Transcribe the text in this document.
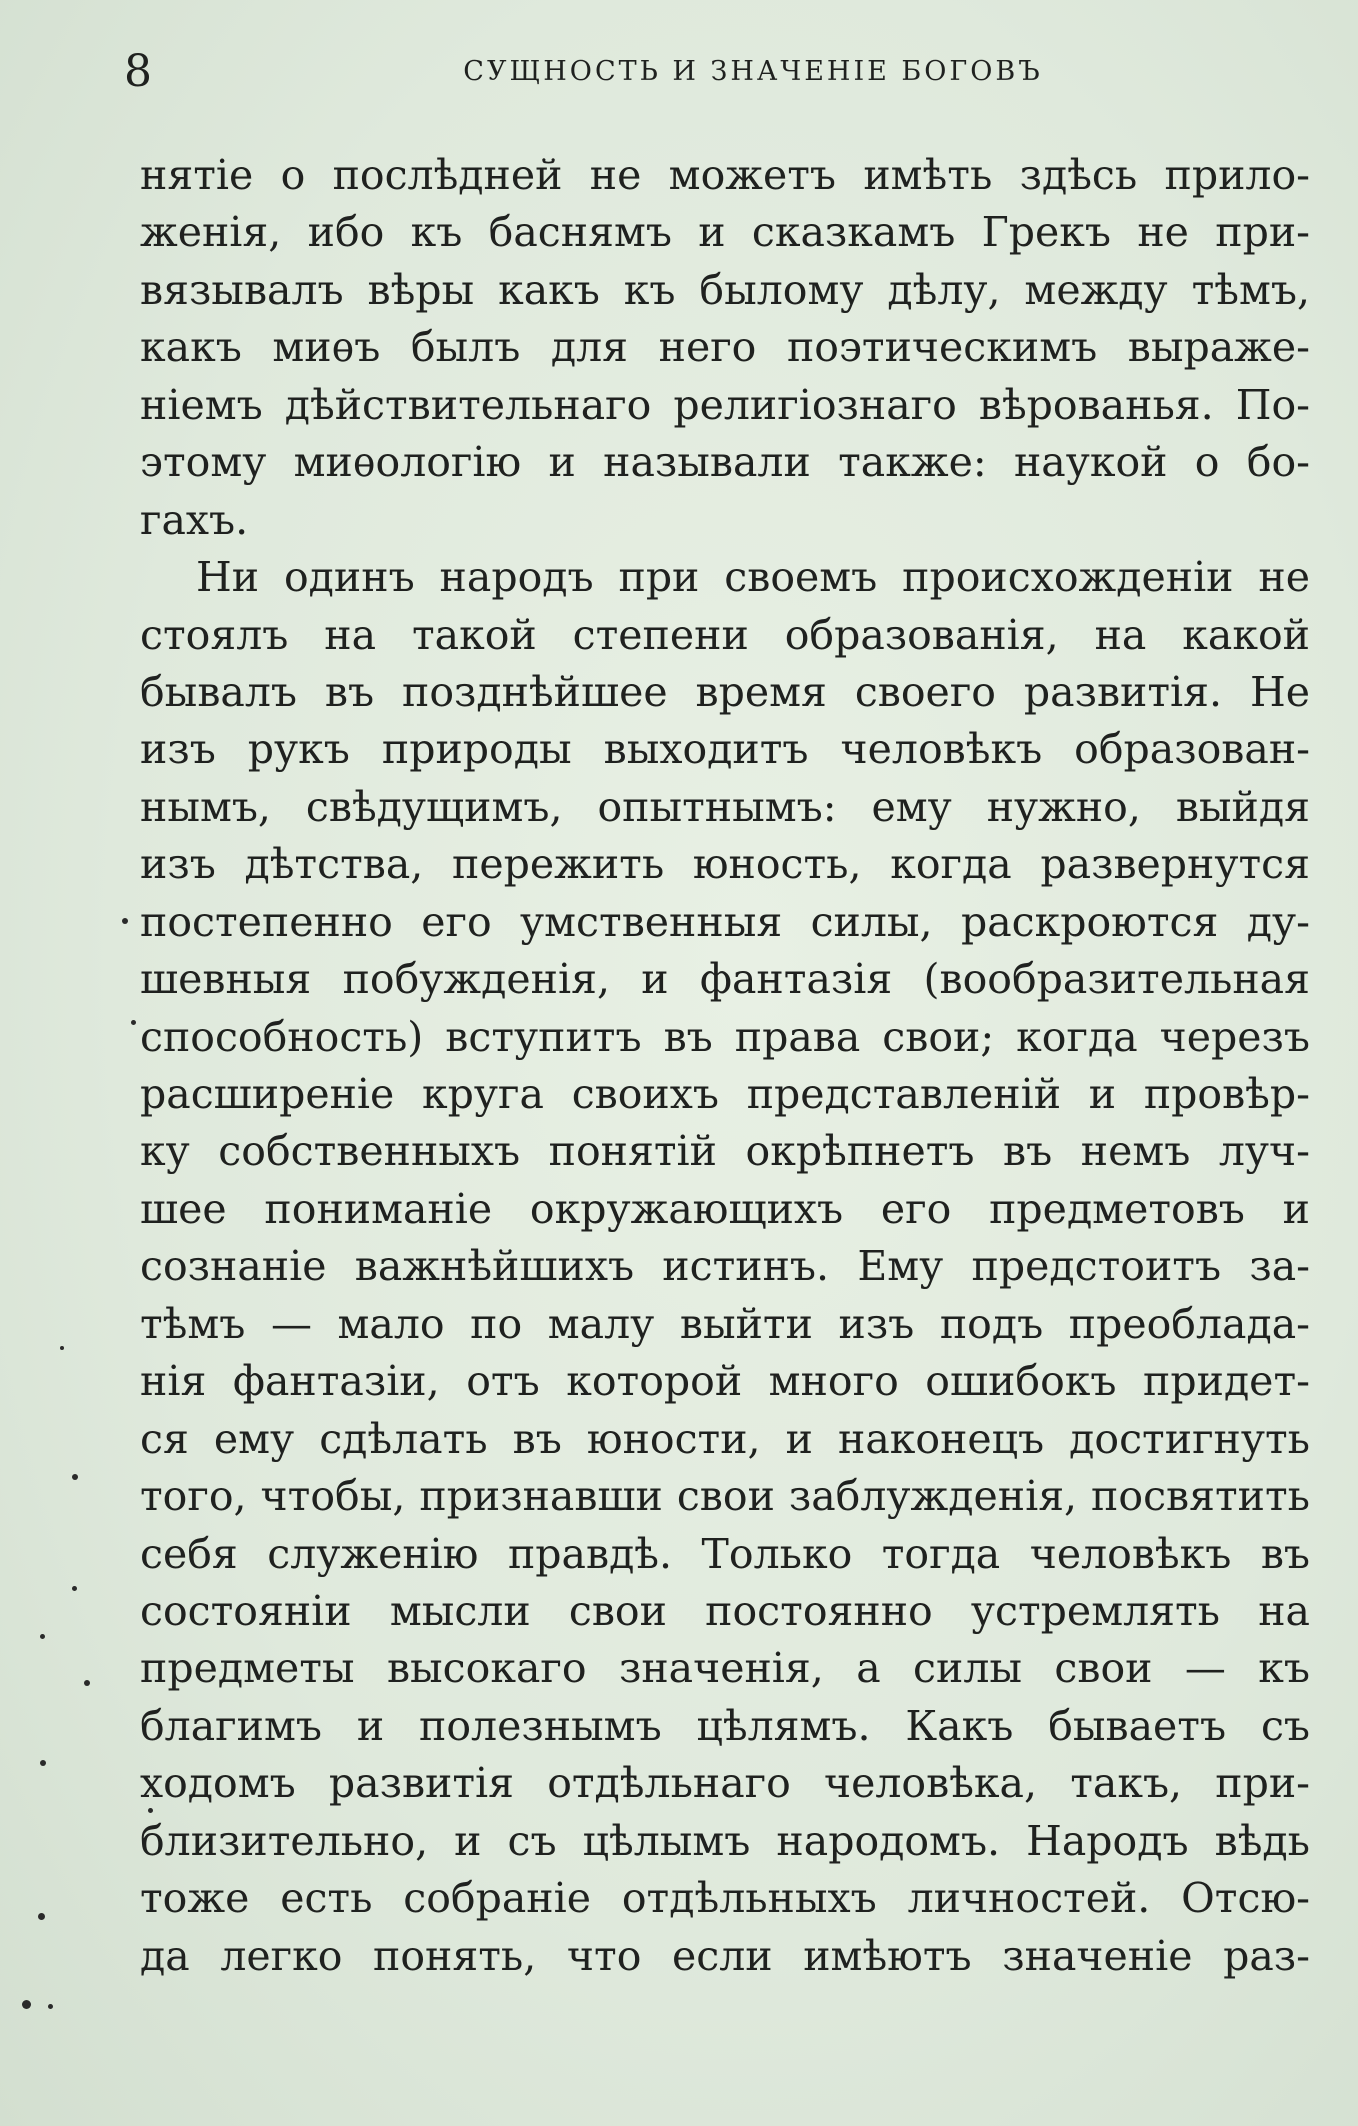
8	СУЩНОСТЬ И ЗНАЧЕНІЕ БОГОВЪ
нятіе о послѣдней не можетъ имѣть здѣсь прило-
женія, ибо къ баснямъ и сказкамъ Грекъ не при-
вязывалъ вѣры какъ къ былому дѣлу, между тѣмъ,
какъ миѳъ былъ для него поэтическимъ выраже-
ніемъ дѣйствительнаго религіознаго вѣрованья. По-
этому миѳологію и называли также: наукой о бо-
гахъ.
Ни одинъ народъ при своемъ происхожденіи не
стоялъ на такой степени образованія, на какой
бывалъ въ позднѣйшее время своего развитія. Не
изъ рукъ природы выходитъ человѣкъ образован-
нымъ, свѣдущимъ, опытнымъ: ему нужно, выйдя
изъ дѣтства, пережить юность, когда развернутся
постепенно его умственныя силы, раскроются ду-
шевныя побужденія, и фантазія (вообразительная
способность) вступитъ въ права свои; когда черезъ
расширеніе круга своихъ представленій и провѣр-
ку собственныхъ понятій окрѣпнетъ въ немъ луч-
шее пониманіе окружающихъ его предметовъ и
сознаніе важнѣйшихъ истинъ. Ему предстоитъ за-
тѣмъ — мало по малу выйти изъ подъ преоблада-
нія фантазіи, отъ которой много ошибокъ придет-
ся ему сдѣлать въ юности, и наконецъ достигнуть
того, чтобы, признавши свои заблужденія, посвятить
себя служенію правдѣ. Только тогда человѣкъ въ
состояніи мысли свои постоянно устремлять на
предметы высокаго значенія, а силы свои — къ
благимъ и полезнымъ цѣлямъ. Какъ бываетъ съ
ходомъ развитія отдѣльнаго человѣка, такъ, при-
близительно, и съ цѣлымъ народомъ. Народъ вѣдь
тоже есть собраніе отдѣльныхъ личностей. Отсю-
да легко понять, что если имѣютъ значеніе раз-
